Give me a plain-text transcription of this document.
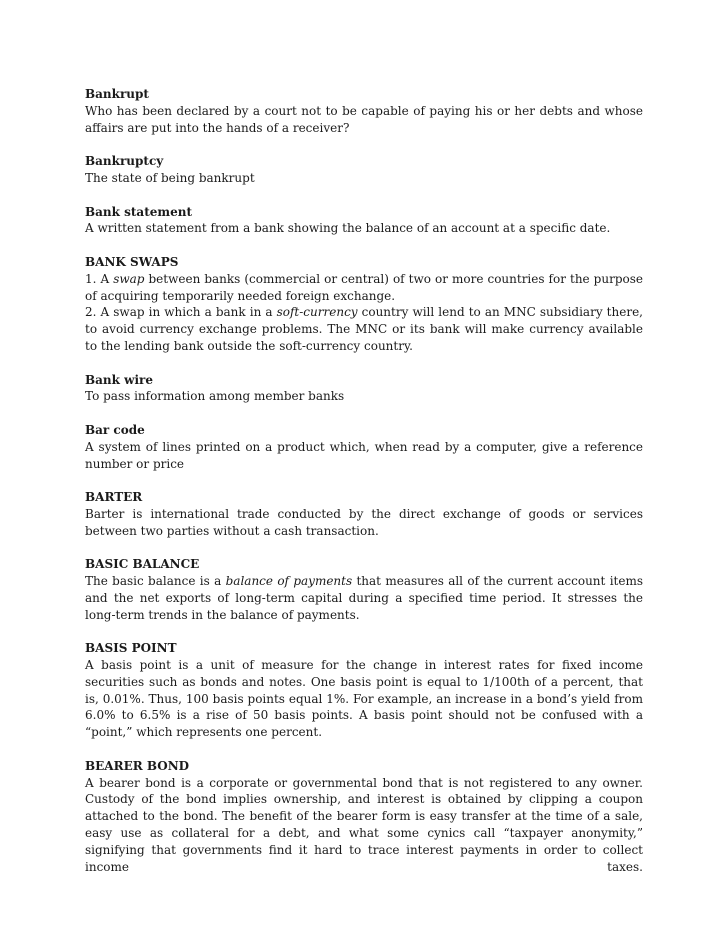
Bankrupt
Who has been declared by a court not to be capable of paying his or her debts and whose affairs are put into the hands of a receiver?
Bankruptcy
The state of being bankrupt
Bank statement
A written statement from a bank showing the balance of an account at a specific date.
BANK SWAPS
1. A swap between banks (commercial or central) of two or more countries for the purpose of acquiring temporarily needed foreign exchange.
2. A swap in which a bank in a soft-currency country will lend to an MNC subsidiary there, to avoid currency exchange problems. The MNC or its bank will make currency available to the lending bank outside the soft-currency country.
Bank wire
To pass information among member banks
Bar code
A system of lines printed on a product which, when read by a computer, give a reference number or price
BARTER
Barter is international trade conducted by the direct exchange of goods or services between two parties without a cash transaction.
BASIC BALANCE
The basic balance is a balance of payments that measures all of the current account items and the net exports of long-term capital during a specified time period. It stresses the long-term trends in the balance of payments.
BASIS POINT
A basis point is a unit of measure for the change in interest rates for fixed income securities such as bonds and notes. One basis point is equal to 1/100th of a percent, that is, 0.01%. Thus, 100 basis points equal 1%. For example, an increase in a bond’s yield from 6.0% to 6.5% is a rise of 50 basis points. A basis point should not be confused with a “point,” which represents one percent.
BEARER BOND
A bearer bond is a corporate or governmental bond that is not registered to any owner. Custody of the bond implies ownership, and interest is obtained by clipping a coupon attached to the bond. The benefit of the bearer form is easy transfer at the time of a sale, easy use as collateral for a debt, and what some cynics call “taxpayer anonymity,” signifying that governments find it hard to trace interest payments in order to collect income taxes.
